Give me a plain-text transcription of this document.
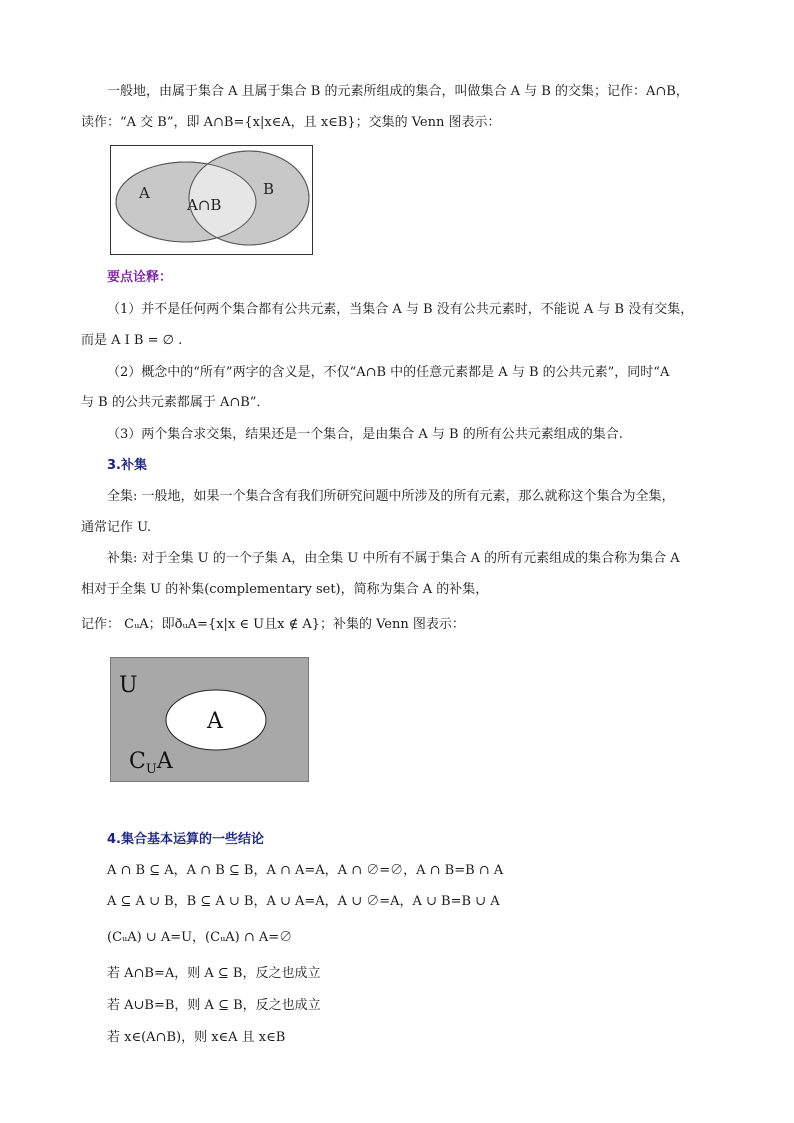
一般地，由属于集合 A 且属于集合 B 的元素所组成的集合，叫做集合 A 与 B 的交集；记作：A∩B，
读作：“A 交 B”，即 A∩B={x|x∈A，且 x∈B}；交集的 Venn 图表示：
A	B
A∩B
要点诠释：
（1）并不是任何两个集合都有公共元素，当集合 A 与 B 没有公共元素时，不能说 A 与 B 没有交集，
而是 A I B = ∅ .
（2）概念中的“所有”两字的含义是，不仅“A∩B 中的任意元素都是 A 与 B 的公共元素”，同时“A
与 B 的公共元素都属于 A∩B”．
（3）两个集合求交集，结果还是一个集合，是由集合 A 与 B 的所有公共元素组成的集合.
3.补集
全集: 一般地，如果一个集合含有我们所研究问题中所涉及的所有元素，那么就称这个集合为全集，
通常记作 U.
补集: 对于全集 U 的一个子集 A，由全集 U 中所有不属于集合 A 的所有元素组成的集合称为集合 A
相对于全集 U 的补集(complementary set)，简称为集合 A 的补集，
记作： CᵤA；即ðᵤA={x|x ∈ U且x ∉ A}；补集的 Venn 图表示：
U
A
$C_UA$
4.集合基本运算的一些结论
A ∩ B ⊆ A，A ∩ B ⊆ B，A ∩ A=A，A ∩ ∅=∅，A ∩ B=B ∩ A
A ⊆ A ∪ B，B ⊆ A ∪ B，A ∪ A=A，A ∪ ∅=A，A ∪ B=B ∪ A
(CᵤA) ∪ A=U，(CᵤA) ∩ A=∅
若 A∩B=A，则 A ⊆ B，反之也成立
若 A∪B=B，则 A ⊆ B，反之也成立
若 x∈(A∩B)，则 x∈A 且 x∈B
